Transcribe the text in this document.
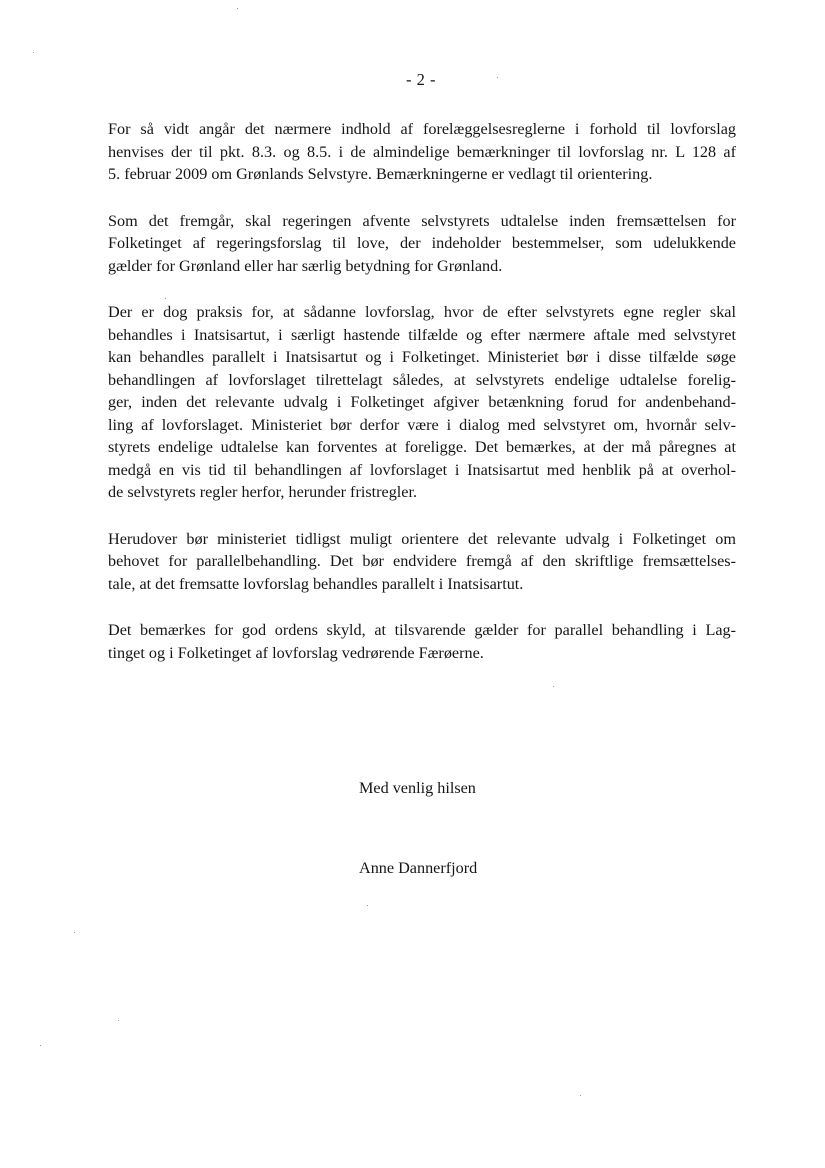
- 2 -
For så vidt angår det nærmere indhold af forelæggelsesreglerne i forhold til lovforslag
henvises der til pkt. 8.3. og 8.5. i de almindelige bemærkninger til lovforslag nr. L 128 af
5. februar 2009 om Grønlands Selvstyre. Bemærkningerne er vedlagt til orientering.
Som det fremgår, skal regeringen afvente selvstyrets udtalelse inden fremsættelsen for
Folketinget af regeringsforslag til love, der indeholder bestemmelser, som udelukkende
gælder for Grønland eller har særlig betydning for Grønland.
Der er dog praksis for, at sådanne lovforslag, hvor de efter selvstyrets egne regler skal
behandles i Inatsisartut, i særligt hastende tilfælde og efter nærmere aftale med selvstyret
kan behandles parallelt i Inatsisartut og i Folketinget. Ministeriet bør i disse tilfælde søge
behandlingen af lovforslaget tilrettelagt således, at selvstyrets endelige udtalelse forelig-
ger, inden det relevante udvalg i Folketinget afgiver betænkning forud for andenbehand-
ling af lovforslaget. Ministeriet bør derfor være i dialog med selvstyret om, hvornår selv-
styrets endelige udtalelse kan forventes at foreligge. Det bemærkes, at der må påregnes at
medgå en vis tid til behandlingen af lovforslaget i Inatsisartut med henblik på at overhol-
de selvstyrets regler herfor, herunder fristregler.
Herudover bør ministeriet tidligst muligt orientere det relevante udvalg i Folketinget om
behovet for parallelbehandling. Det bør endvidere fremgå af den skriftlige fremsættelses-
tale, at det fremsatte lovforslag behandles parallelt i Inatsisartut.
Det bemærkes for god ordens skyld, at tilsvarende gælder for parallel behandling i Lag-
tinget og i Folketinget af lovforslag vedrørende Færøerne.
Med venlig hilsen
Anne Dannerfjord
